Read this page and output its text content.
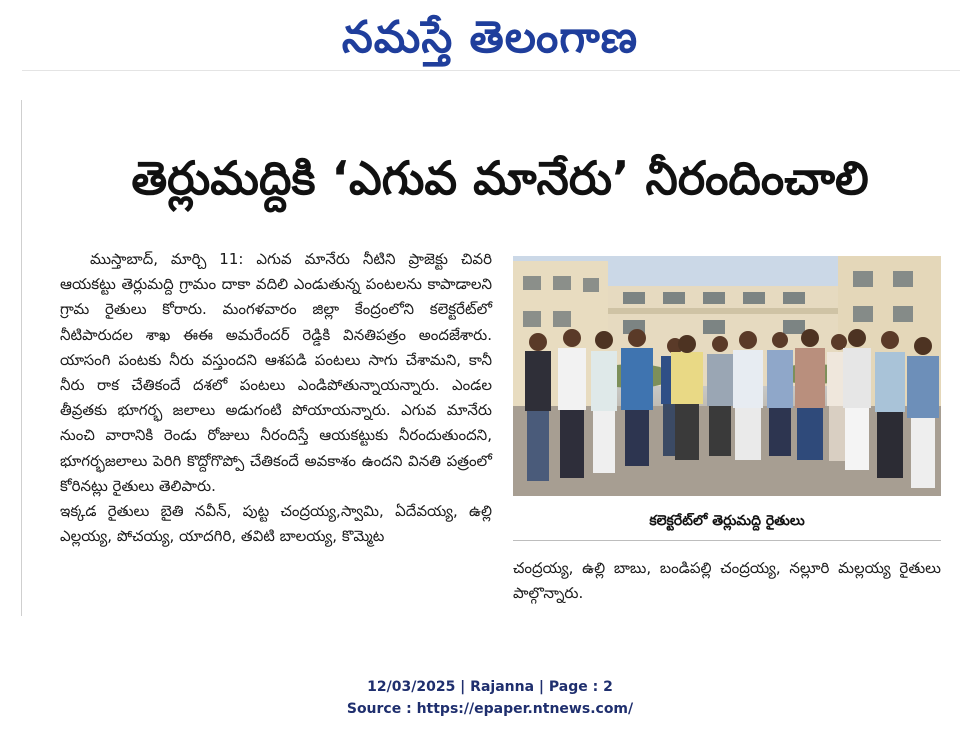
నమస్తే తెలంగాణ
తెర్లుమద్దికి ‘ఎగువ మానేరు’ నీరందించాలి

ముస్తాబాద్, మార్చి 11: ఎగువ మానేరు నీటిని ప్రాజెక్టు చివరి ఆయకట్టు తెర్లుమద్ది గ్రామం దాకా వదిలి ఎండుతున్న పంటలను కాపాడాలని గ్రామ రైతులు కోరారు. మంగళవారం జిల్లా కేంద్రంలోని కలెక్టరేట్‌లో నీటిపారుదల శాఖ ఈఈ అమరేందర్ రెడ్డికి వినతిపత్రం అందజేశారు. యాసంగి పంటకు నీరు వస్తుందని ఆశపడి పంటలు సాగు చేశామని, కానీ నీరు రాక చేతికందే దశలో పంటలు ఎండిపోతున్నాయన్నారు. ఎండల తీవ్రతకు భూగర్భ జలాలు అడుగంటి పోయాయన్నారు. ఎగువ మానేరు నుంచి వారానికి రెండు రోజులు నీరందిస్తే ఆయకట్టుకు నీరందుతుందని, భూగర్భజలాలు పెరిగి కొద్దోగొప్పో చేతికందే అవకాశం ఉందని వినతి పత్రంలో కోరినట్లు రైతులు తెలిపారు.

ఇక్కడ రైతులు బైతి నవీన్, పుట్ట చంద్రయ్య,స్వామి, ఏదేవయ్య, ఉల్లి ఎల్లయ్య, పోచయ్య, యాదగిరి, తవిటి బాలయ్య, కొమ్మెట

కలెక్టరేట్‌లో తెర్లుమద్ది రైతులు

చంద్రయ్య, ఉల్లి బాబు, బండిపల్లి చంద్రయ్య, నల్లూరి మల్లయ్య రైతులు పాల్గొన్నారు.

12/03/2025 | Rajanna | Page : 2
Source : https://epaper.ntnews.com/
